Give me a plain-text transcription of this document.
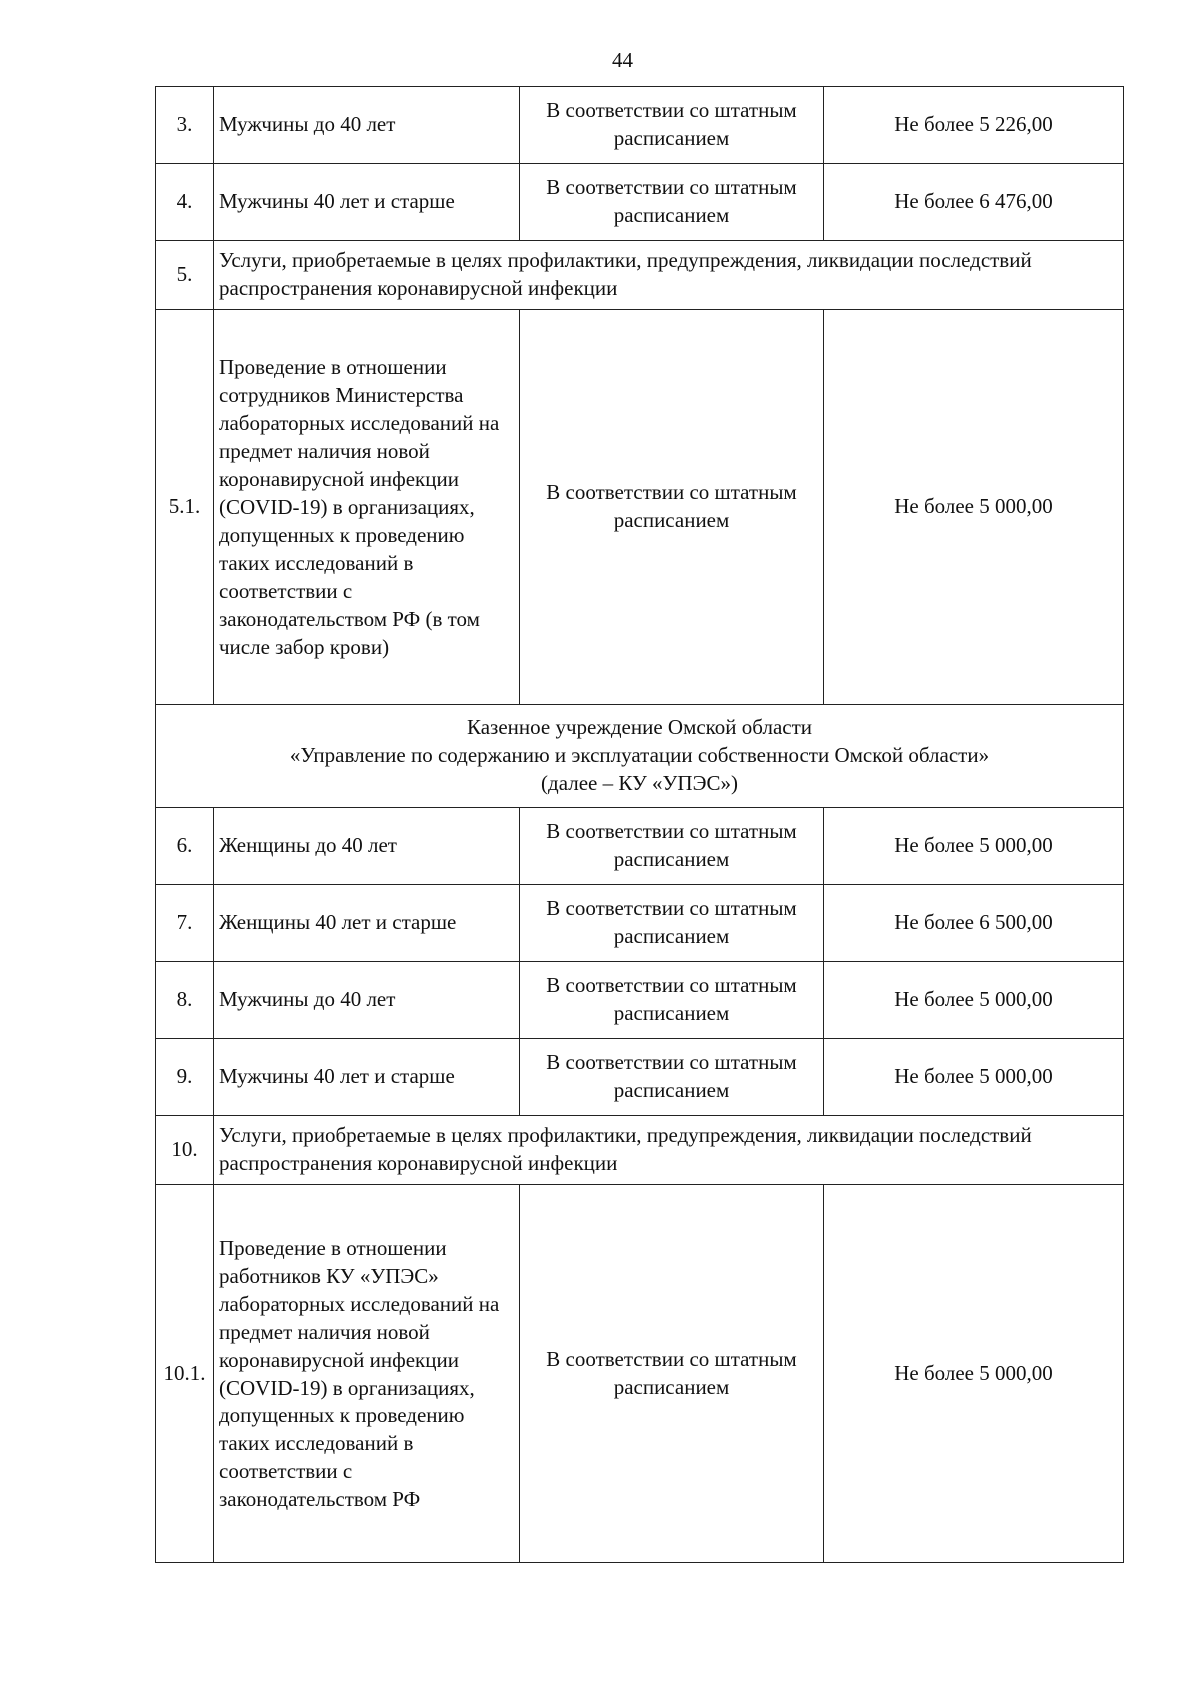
44
3.	Мужчины до 40 лет	В соответствии со штатным расписанием	Не более 5 226,00
4.	Мужчины 40 лет и старше	В соответствии со штатным расписанием	Не более 6 476,00
5.	Услуги, приобретаемые в целях профилактики, предупреждения, ликвидации последствий распространения коронавирусной инфекции		
5.1.	Проведение в отношении сотрудников Министерства лабораторных исследований на предмет наличия новой коронавирусной инфекции (COVID-19) в организациях, допущенных к проведению таких исследований в соответствии с законодательством РФ (в том числе забор крови)	В соответствии со штатным расписанием	Не более 5 000,00

Казенное учреждение Омской области
«Управление по содержанию и эксплуатации собственности Омской области»
(далее – КУ «УПЭС»)			

6.	Женщины до 40 лет	В соответствии со штатным расписанием	Не более 5 000,00
7.	Женщины 40 лет и старше	В соответствии со штатным расписанием	Не более 6 500,00
8.	Мужчины до 40 лет	В соответствии со штатным расписанием	Не более 5 000,00
9.	Мужчины 40 лет и старше	В соответствии со штатным расписанием	Не более 5 000,00
10.	Услуги, приобретаемые в целях профилактики, предупреждения, ликвидации последствий распространения коронавирусной инфекции		
10.1.	Проведение в отношении работников КУ «УПЭС» лабораторных исследований на предмет наличия новой коронавирусной инфекции (COVID-19) в организациях, допущенных к проведению таких исследований в соответствии с законодательством РФ	В соответствии со штатным расписанием	Не более 5 000,00
